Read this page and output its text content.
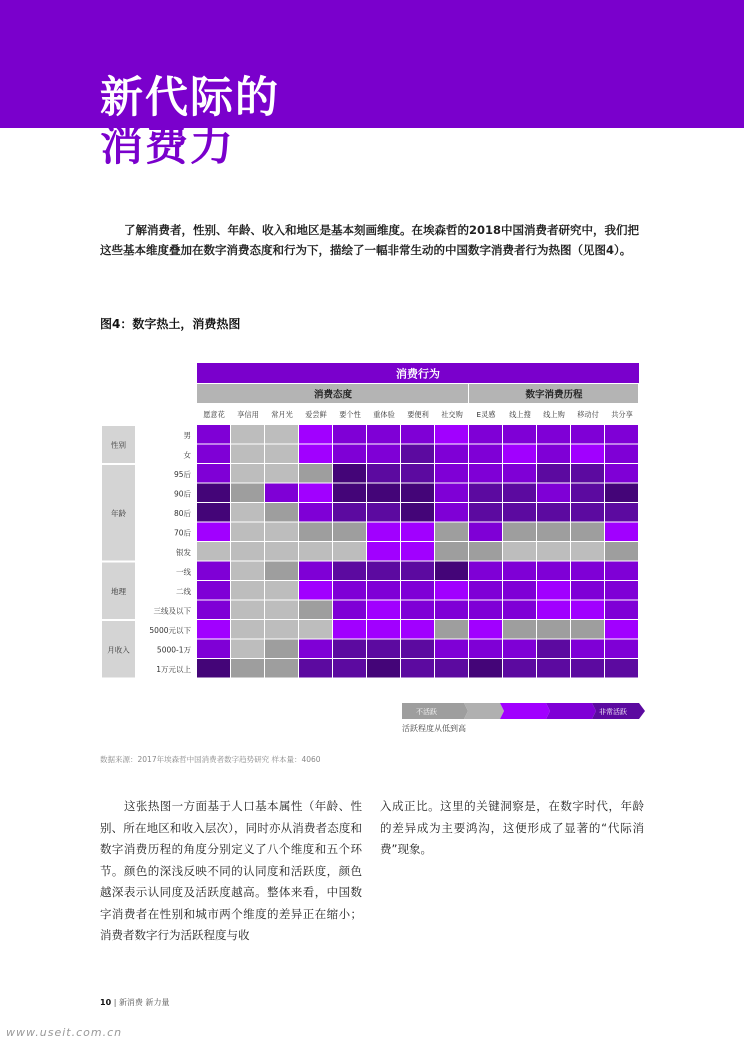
新代际的
消费力

了解消费者，性别、年龄、收入和地区是基本刻画维度。在埃森哲的2018中国消费者研究中，我们把这些基本维度叠加在数字消费态度和行为下，描绘了一幅非常生动的中国数字消费者行为热图（见图4）。

图4：数字热土，消费热图

消费行为
消费态度	数字消费历程
愿意花 享信用 常月光 爱尝鲜 要个性 重体验 要便利 社交购 E灵感 线上搜 线上购 移动付 共分享
性别
男
女
年龄
95后
90后
80后
70后
银发
地理
一线
二线
三线及以下
月收入
5000元以下
5000-1万
1万元以上
不活跃	非常活跃
活跃程度从低到高
数据来源：2017年埃森哲中国消费者数字趋势研究 样本量：4060

这张热图一方面基于人口基本属性（年龄、性别、所在地区和收入层次），同时亦从消费者态度和数字消费历程的角度分别定义了八个维度和五个环节。颜色的深浅反映不同的认同度和活跃度，颜色越深表示认同度及活跃度越高。整体来看，中国数字消费者在性别和城市两个维度的差异正在缩小；消费者数字行为活跃程度与收

入成正比。这里的关键洞察是，在数字时代，年龄的差异成为主要鸿沟，这便形成了显著的“代际消费”现象。

10 | 新消费 新力量
www.useit.com.cn
